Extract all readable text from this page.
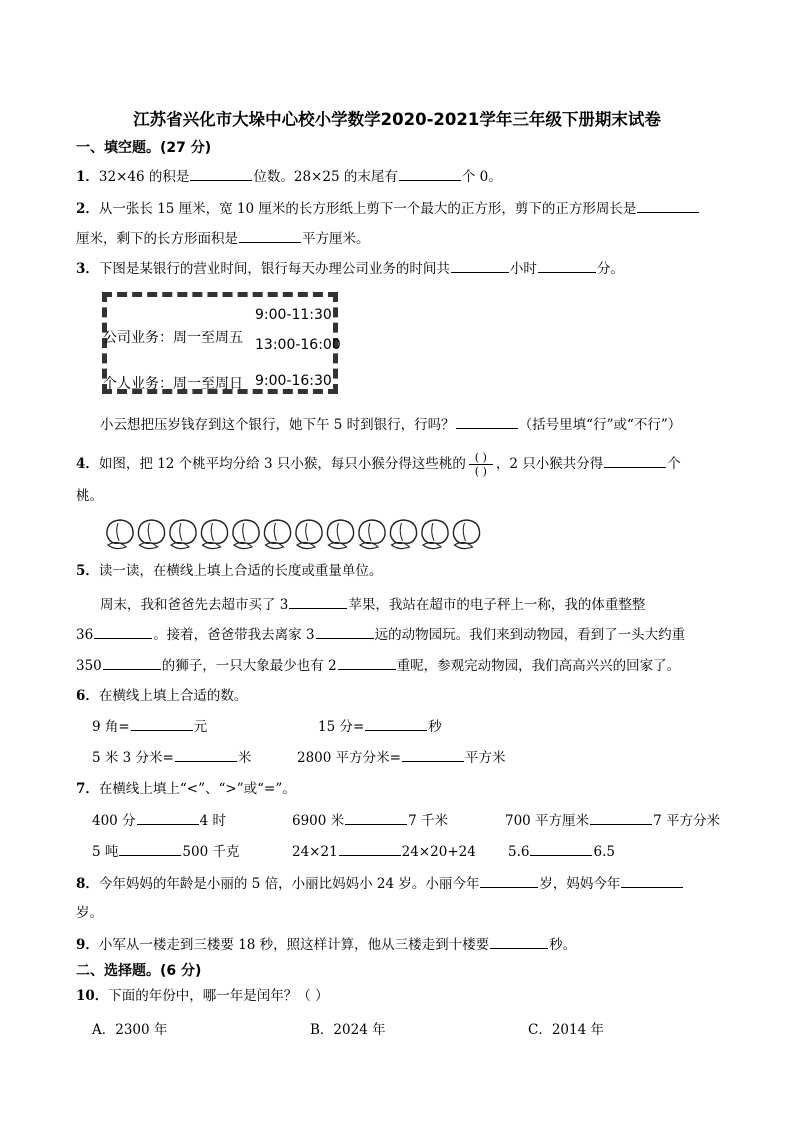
江苏省兴化市大垛中心校小学数学2020-2021学年三年级下册期末试卷
一、填空题。(27 分)
1．32×46 的积是	位数。28×25 的末尾有	个 0。
2．从一张长 15 厘米，宽 10 厘米的长方形纸上剪下一个最大的正方形，剪下的正方形周长是
厘米，剩下的长方形面积是	平方厘米。
3．下图是某银行的营业时间，银行每天办理公司业务的时间共	小时	分。
公司业务：周一至周五
9:00-11:30
13:00-16:00
个人业务：周一至周日 9:00-16:30
小云想把压岁钱存到这个银行，她下午 5 时到银行，行吗？	（括号里填“行”或“不行”）
4．如图，把 12 个桃平均分给 3 只小猴，每只小猴分得这些桃的 $\frac{( )}{( )}$ ，2 只小猴共分得	个
桃。
5．读一读，在横线上填上合适的长度或重量单位。
周末，我和爸爸先去超市买了 3	苹果，我站在超市的电子秤上一称，我的体重整整
36	。接着，爸爸带我去离家 3	远的动物园玩。我们来到动物园，看到了一头大约重
350	的狮子，一只大象最少也有 2	重呢，参观完动物园，我们高高兴兴的回家了。
6．在横线上填上合适的数。
9 角=	元	15 分=	秒
5 米 3 分米=	米	2800 平方分米=	平方米
7．在横线上填上“<”、“>”或“=”。
400 分	4 时	6900 米	7 千米	700 平方厘米	7 平方分米
5 吨	500 千克	24×21	24×20+24 5.6	6.5
8．今年妈妈的年龄是小丽的 5 倍，小丽比妈妈小 24 岁。小丽今年	岁，妈妈今年
岁。
9．小军从一楼走到三楼要 18 秒，照这样计算，他从三楼走到十楼要	秒。
二、选择题。(6 分)
10．下面的年份中，哪一年是闰年？（ ）
A．2300 年	B．2024 年	C．2014 年
